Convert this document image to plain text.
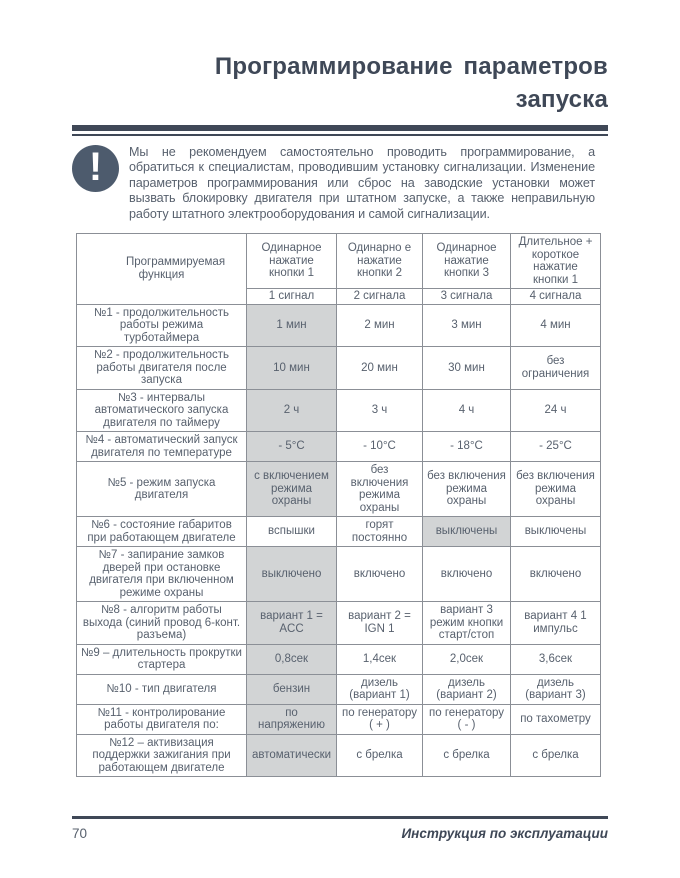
Программирование параметров запуска
!	Мы не рекомендуем самостоятельно проводить программирование, а обратиться к специалистам, проводившим установку сигнализации. Изменение параметров программирования или сброс на заводские установки может вызвать блокировку двигателя при штатном запуске, а также неправильную работу штатного электрооборудования и самой сигнализации.
Программируемая функция	Одинарное нажатие кнопки 1	Одинарно е нажатие кнопки 2	Одинарное нажатие кнопки 3	Длительное + короткое нажатие кнопки 1
	1 сигнал	2 сигнала	3 сигнала	4 сигнала
№1 - продолжительность работы режима турботаймера	1 мин	2 мин	3 мин	4 мин
№2 - продолжительность работы двигателя после запуска	10 мин	20 мин	30 мин	без ограничения
№3 - интервалы автоматического запуска двигателя по таймеру	2 ч	3 ч	4 ч	24 ч
№4 - автоматический запуск двигателя по температуре	- 5°C	- 10°C	- 18°C	- 25°C
№5 - режим запуска двигателя	с включением режима охраны	без включения режима охраны	без включения режима охраны	без включения режима охраны
№6 - состояние габаритов при работающем двигателе	вспышки	горят постоянно	выключены	выключены
№7 - запирание замков дверей при остановке двигателя при включенном режиме охраны	выключено	включено	включено	включено
№8 - алгоритм работы выхода (синий провод 6-конт. разъема)	вариант 1 = ACC	вариант 2 = IGN 1	вариант 3 режим кнопки старт/стоп	вариант 4 1 импульс
№9 – длительность прокрутки стартера	0,8сек	1,4сек	2,0сек	3,6сек
№10 - тип двигателя	бензин	дизель (вариант 1)	дизель (вариант 2)	дизель (вариант 3)
№11 - контролирование работы двигателя по:	по напряжению	по генератору ( + )	по генератору ( - )	по тахометру
№12 – активизация поддержки зажигания при работающем двигателе	автоматически	с брелка	с брелка	с брелка
70	Инструкция по эксплуатации
